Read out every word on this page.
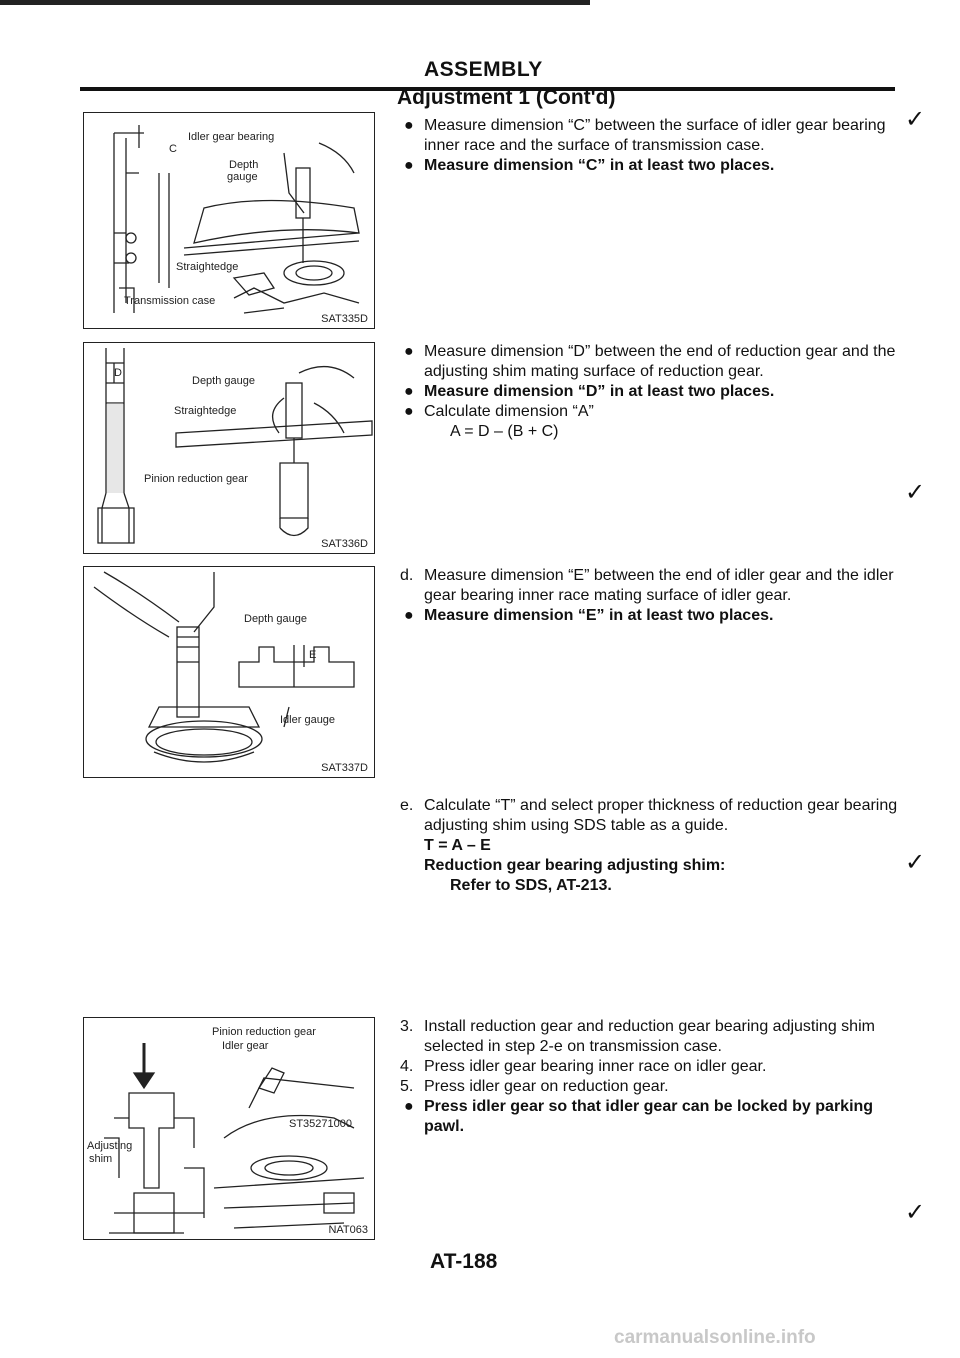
ASSEMBLY
Adjustment 1 (Cont'd)
C
Idler gear bearing
Depth
gauge
Straightedge
Transmission case
SAT335D
D
Depth gauge
Straightedge
Pinion reduction gear
SAT336D
Depth gauge
E
Idler gauge
SAT337D
Pinion reduction gear
Idler gear
ST35271000
Adjusting
shim
NAT063
● Measure dimension “C” between the surface of idler gear bearing inner race and the surface of transmission case.
● Measure dimension “C” in at least two places.
● Measure dimension “D” between the end of reduction gear and the adjusting shim mating surface of reduction gear.
● Measure dimension “D” in at least two places.
● Calculate dimension “A”
A = D – (B + C)
d. Measure dimension “E” between the end of idler gear and the idler gear bearing inner race mating surface of idler gear.
● Measure dimension “E” in at least two places.
e. Calculate “T” and select proper thickness of reduction gear bearing adjusting shim using SDS table as a guide.
T = A – E
Reduction gear bearing adjusting shim:
Refer to SDS, AT-213.
3. Install reduction gear and reduction gear bearing adjusting shim selected in step 2-e on transmission case.
4. Press idler gear bearing inner race on idler gear.
5. Press idler gear on reduction gear.
● Press idler gear so that idler gear can be locked by parking pawl.
✓
✓
✓
✓
AT-188
carmanualsonline.info
